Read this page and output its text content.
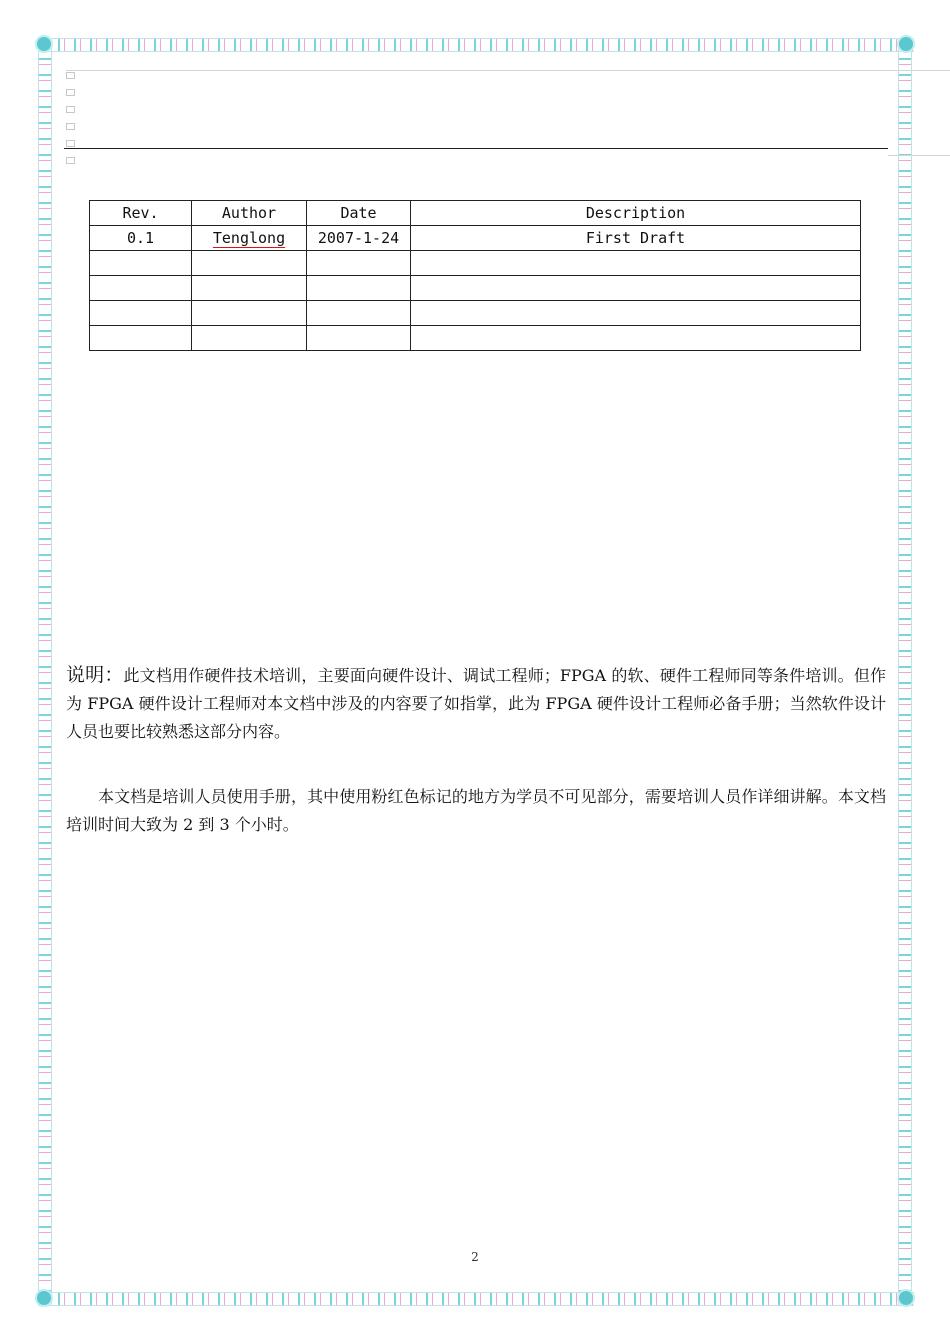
Rev.	Author	Date	Description
0.1	Tenglong	2007-1-24	First Draft

说明：此文档用作硬件技术培训，主要面向硬件设计、调试工程师；FPGA 的软、硬件工程师同等条件培训。但作为 FPGA 硬件设计工程师对本文档中涉及的内容要了如指掌，此为 FPGA 硬件设计工程师必备手册；当然软件设计人员也要比较熟悉这部分内容。

本文档是培训人员使用手册，其中使用粉红色标记的地方为学员不可见部分，需要培训人员作详细讲解。本文档培训时间大致为 2 到 3 个小时。

2
